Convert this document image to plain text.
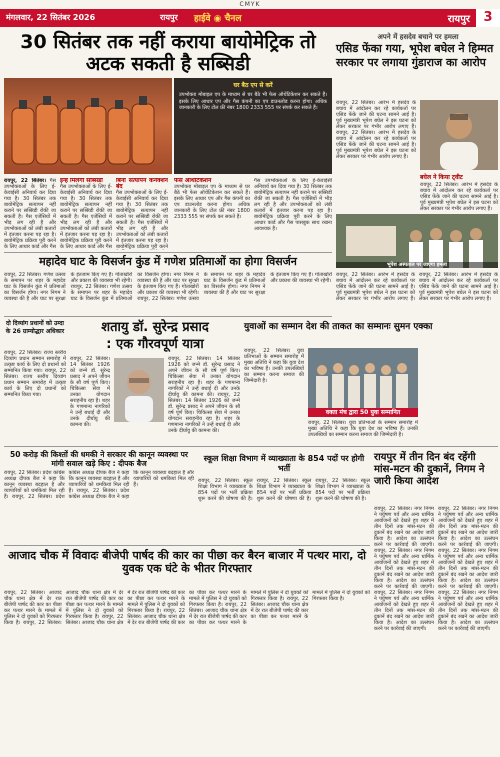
CMYK
मंगलवार, 22 सितंबर 2026	रायपुर हाईवे ◉ चैनल	रायपुर	3
30 सितंबर तक नहीं कराया बायोमेट्रिक तो अटक सकती है सब्सिडी
घर बैठ एप से करें
उपभोक्ता मोबाइल एप के माध्यम से घर बैठे भी फेस ऑथेंटिकेशन कर सकते हैं। इसके लिए आधार एप और गैस कंपनी का एप डाउनलोड करना होगा। अधिक जानकारी के लिए टोल फ्री नंबर 1800 2333 555 पर संपर्क कर सकते हैं।
रायपुर, 22 सितंबर। गैस उपभोक्ताओं के लिए ई-केवाईसी अनिवार्य कर दिया गया है। 30 सितंबर तक बायोमेट्रिक सत्यापन नहीं कराने पर सब्सिडी रोकी जा सकती है। गैस एजेंसियों में भीड़ लग रही है और उपभोक्ताओं को लंबी कतारों में इंतजार करना पड़ रहा है। बायोमेट्रिक प्रक्रिया पूरी करने के लिए आधार कार्ड और गैस
इन्हें मिलेगी सब्सिडी
गैस उपभोक्ताओं के लिए ई-केवाईसी अनिवार्य कर दिया गया है। 30 सितंबर तक बायोमेट्रिक सत्यापन नहीं कराने पर सब्सिडी रोकी जा सकती है। गैस एजेंसियों में भीड़ लग रही है और उपभोक्ताओं को लंबी कतारों में इंतजार करना पड़ रहा है। बायोमेट्रिक प्रक्रिया पूरी करने के लिए आधार कार्ड और गैस
बिना सत्यापन कनेक्शन बंद
गैस उपभोक्ताओं के लिए ई-केवाईसी अनिवार्य कर दिया गया है। 30 सितंबर तक बायोमेट्रिक सत्यापन नहीं कराने पर सब्सिडी रोकी जा सकती है। गैस एजेंसियों में भीड़ लग रही है और उपभोक्ताओं को लंबी कतारों में इंतजार करना पड़ रहा है। बायोमेट्रिक प्रक्रिया पूरी करने
फेस ऑथेंटिकेशन
उपभोक्ता मोबाइल एप के माध्यम से घर बैठे भी फेस ऑथेंटिकेशन कर सकते हैं। इसके लिए आधार एप और गैस कंपनी का एप डाउनलोड करना होगा। अधिक जानकारी के लिए टोल फ्री नंबर 1800 2333 555 पर संपर्क कर सकते हैं।
गैस उपभोक्ताओं के लिए ई-केवाईसी अनिवार्य कर दिया गया है। 30 सितंबर तक बायोमेट्रिक सत्यापन नहीं कराने पर सब्सिडी रोकी जा सकती है। गैस एजेंसियों में भीड़ लग रही है और उपभोक्ताओं को लंबी कतारों में इंतजार करना पड़ रहा है। बायोमेट्रिक प्रक्रिया पूरी करने के लिए आधार कार्ड और गैस पासबुक साथ रखना आवश्यक है।
महादेव घाट के विसर्जन कुंड में गणेश प्रतिमाओं का होगा विसर्जन
रायपुर, 22 सितंबर। गणेश उत्सव के समापन पर शहर के महादेव घाट के विसर्जन कुंड में प्रतिमाओं का विसर्जन होगा। नगर निगम ने व्यवस्था की है और घाट पर सुरक्षा के इंतजाम किए गए हैं। गोताखोरों और प्रकाश की व्यवस्था भी रहेगी। रायपुर, 22 सितंबर। गणेश उत्सव के समापन पर शहर के महादेव घाट के विसर्जन कुंड में प्रतिमाओं का विसर्जन होगा। नगर निगम ने व्यवस्था की है और घाट पर सुरक्षा के इंतजाम किए गए हैं। गोताखोरों और प्रकाश की व्यवस्था भी रहेगी। रायपुर, 22 सितंबर। गणेश उत्सव के समापन पर शहर के महादेव घाट के विसर्जन कुंड में प्रतिमाओं का विसर्जन होगा। नगर निगम ने व्यवस्था की है और घाट पर सुरक्षा के इंतजाम किए गए हैं। गोताखोरों और प्रकाश की व्यवस्था भी रहेगी।
दो दिव्यांग प्रधानों को उम्दा के 26 ग्राम्योद्धार अधिकार
रायपुर, 22 सितंबर। राज्य स्तरीय दिव्यांग प्रधान सम्मान समारोह में उत्कृष्ट कार्य के लिए दो प्रधानों को सम्मानित किया गया। रायपुर, 22 सितंबर। राज्य स्तरीय दिव्यांग प्रधान सम्मान समारोह में उत्कृष्ट कार्य के लिए दो प्रधानों को सम्मानित किया गया।
शतायु डॉ. सुरेन्द्र प्रसाद
: एक गौरवपूर्ण यात्रा
रायपुर, 22 सितंबर। 14 सितंबर 1926 को जन्मे डॉ. सुरेन्द्र प्रसाद ने अपने जीवन के सौ वर्ष पूर्ण किए। चिकित्सा सेवा में उनका योगदान सराहनीय रहा है। शहर के गणमान्य नागरिकों ने उन्हें बधाई दी और उनके दीर्घायु की कामना की।
रायपुर, 22 सितंबर। 14 सितंबर 1926 को जन्मे डॉ. सुरेन्द्र प्रसाद ने अपने जीवन के सौ वर्ष पूर्ण किए। चिकित्सा सेवा में उनका योगदान सराहनीय रहा है। शहर के गणमान्य नागरिकों ने उन्हें बधाई दी और उनके दीर्घायु की कामना की। रायपुर, 22 सितंबर। 14 सितंबर 1926 को जन्मे डॉ. सुरेन्द्र प्रसाद ने अपने जीवन के सौ वर्ष पूर्ण किए। चिकित्सा सेवा में उनका योगदान सराहनीय रहा है। शहर के गणमान्य नागरिकों ने उन्हें बधाई दी और उनके दीर्घायु की कामना की।
युवाओं का सम्मान देश की ताकत का सम्मानः सुमन एक्का
रायपुर, 22 सितंबर। युवा प्रतिभाओं के सम्मान समारोह में मुख्य अतिथि ने कहा कि युवा देश का भविष्य हैं। उनकी उपलब्धियों का सम्मान करना समाज की जिम्मेदारी है।
वक्ता मंच द्वारा 50 युवा सम्मानित
रायपुर, 22 सितंबर। युवा प्रतिभाओं के सम्मान समारोह में मुख्य अतिथि ने कहा कि युवा देश का भविष्य हैं। उनकी उपलब्धियों का सम्मान करना समाज की जिम्मेदारी है।
अपने में हसदेव बचाने पर हमला
एसिड फेंका गया, भूपेश बघेल ने हिम्मत सरकार पर लगाया गुंडाराज का आरोप
रायपुर, 22 सितंबर। आरंभ में हसदेव के बचाव में आंदोलन कर रहे कार्यकर्ता पर एसिड फेंके जाने की घटना सामने आई है। पूर्व मुख्यमंत्री भूपेश बघेल ने इस घटना को लेकर सरकार पर गंभीर आरोप लगाए हैं। रायपुर, 22 सितंबर। आरंभ में हसदेव के बचाव में आंदोलन कर रहे कार्यकर्ता पर एसिड फेंके जाने की घटना सामने आई है। पूर्व मुख्यमंत्री भूपेश बघेल ने इस घटना को लेकर सरकार पर गंभीर आरोप लगाए हैं।
बघेल ने किया ट्वीट
रायपुर, 22 सितंबर। आरंभ में हसदेव के बचाव में आंदोलन कर रहे कार्यकर्ता पर एसिड फेंके जाने की घटना सामने आई है। पूर्व मुख्यमंत्री भूपेश बघेल ने इस घटना को लेकर सरकार पर गंभीर आरोप लगाए हैं।
भूपेश अस्पताल पर जाएगा हमला
रायपुर, 22 सितंबर। आरंभ में हसदेव के बचाव में आंदोलन कर रहे कार्यकर्ता पर एसिड फेंके जाने की घटना सामने आई है। पूर्व मुख्यमंत्री भूपेश बघेल ने इस घटना को लेकर सरकार पर गंभीर आरोप लगाए हैं। रायपुर, 22 सितंबर। आरंभ में हसदेव के बचाव में आंदोलन कर रहे कार्यकर्ता पर एसिड फेंके जाने की घटना सामने आई है। पूर्व मुख्यमंत्री भूपेश बघेल ने इस घटना को लेकर सरकार पर गंभीर आरोप लगाए हैं।
50 करोड़ की किश्तों की धमकी ने सरकार की कानून व्यवस्था पर मांगी सवाल खड़े किए : दीपक बैज
रायपुर, 22 सितंबर। प्रदेश कांग्रेस अध्यक्ष दीपक बैज ने कहा कि कानून व्यवस्था बदहाल है और व्यापारियों को धमकियां मिल रही हैं। रायपुर, 22 सितंबर। प्रदेश कांग्रेस अध्यक्ष दीपक बैज ने कहा कि कानून व्यवस्था बदहाल है और व्यापारियों को धमकियां मिल रही हैं। रायपुर, 22 सितंबर। प्रदेश कांग्रेस अध्यक्ष दीपक बैज ने कहा कि कानून व्यवस्था बदहाल है और व्यापारियों को धमकियां मिल रही हैं।
स्कूल शिक्षा विभाग में व्याख्याता के 854 पदों पर होगी भर्ती
रायपुर, 22 सितंबर। स्कूल शिक्षा विभाग ने व्याख्याता के 854 पदों पर भर्ती प्रक्रिया शुरू करने की घोषणा की है। रायपुर, 22 सितंबर। स्कूल शिक्षा विभाग ने व्याख्याता के 854 पदों पर भर्ती प्रक्रिया शुरू करने की घोषणा की है। रायपुर, 22 सितंबर। स्कूल शिक्षा विभाग ने व्याख्याता के 854 पदों पर भर्ती प्रक्रिया शुरू करने की घोषणा की है।
रायपुर में तीन दिन बंद रहेंगी मांस-मटन की दुकानें, निगम ने जारी किया आदेश
रायपुर, 22 सितंबर। नगर निगम ने पर्युषण पर्व और अन्य धार्मिक आयोजनों को देखते हुए शहर में तीन दिनों तक मांस-मटन की दुकानें बंद रखने का आदेश जारी किया है। आदेश का उल्लंघन करने पर कार्रवाई की जाएगी। रायपुर, 22 सितंबर। नगर निगम ने पर्युषण पर्व और अन्य धार्मिक आयोजनों को देखते हुए शहर में तीन दिनों तक मांस-मटन की दुकानें बंद रखने का आदेश जारी किया है। आदेश का उल्लंघन करने पर कार्रवाई की जाएगी। रायपुर, 22 सितंबर। नगर निगम ने पर्युषण पर्व और अन्य धार्मिक आयोजनों को देखते हुए शहर में तीन दिनों तक मांस-मटन की दुकानें बंद रखने का आदेश जारी किया है। आदेश का उल्लंघन करने पर कार्रवाई की जाएगी।
रायपुर, 22 सितंबर। नगर निगम ने पर्युषण पर्व और अन्य धार्मिक आयोजनों को देखते हुए शहर में तीन दिनों तक मांस-मटन की दुकानें बंद रखने का आदेश जारी किया है। आदेश का उल्लंघन करने पर कार्रवाई की जाएगी। रायपुर, 22 सितंबर। नगर निगम ने पर्युषण पर्व और अन्य धार्मिक आयोजनों को देखते हुए शहर में तीन दिनों तक मांस-मटन की दुकानें बंद रखने का आदेश जारी किया है। आदेश का उल्लंघन करने पर कार्रवाई की जाएगी। रायपुर, 22 सितंबर। नगर निगम ने पर्युषण पर्व और अन्य धार्मिक आयोजनों को देखते हुए शहर में तीन दिनों तक मांस-मटन की दुकानें बंद रखने का आदेश जारी किया है। आदेश का उल्लंघन करने पर कार्रवाई की जाएगी।
आजाद चौक में विवादः बीजेपी पार्षद की कार का पीछा कर बैरन बाजार में पत्थर मारा, दो युवक एक घंटे के भीतर गिरफ्तार
रायपुर, 22 सितंबर। आजाद चौक थाना क्षेत्र में देर रात बीजेपी पार्षद की कार का पीछा कर पत्थर मारने के मामले में पुलिस ने दो युवकों को गिरफ्तार किया है। रायपुर, 22 सितंबर। आजाद चौक थाना क्षेत्र में देर रात बीजेपी पार्षद की कार का पीछा कर पत्थर मारने के मामले में पुलिस ने दो युवकों को गिरफ्तार किया है। रायपुर, 22 सितंबर। आजाद चौक थाना क्षेत्र में देर रात बीजेपी पार्षद की कार का पीछा कर पत्थर मारने के मामले में पुलिस ने दो युवकों को गिरफ्तार किया है। रायपुर, 22 सितंबर। आजाद चौक थाना क्षेत्र में देर रात बीजेपी पार्षद की कार का पीछा कर पत्थर मारने के मामले में पुलिस ने दो युवकों को गिरफ्तार किया है। रायपुर, 22 सितंबर। आजाद चौक थाना क्षेत्र में देर रात बीजेपी पार्षद की कार का पीछा कर पत्थर मारने के मामले में पुलिस ने दो युवकों को गिरफ्तार किया है। रायपुर, 22 सितंबर। आजाद चौक थाना क्षेत्र में देर रात बीजेपी पार्षद की कार का पीछा कर पत्थर मारने के मामले में पुलिस ने दो युवकों को गिरफ्तार किया है।
